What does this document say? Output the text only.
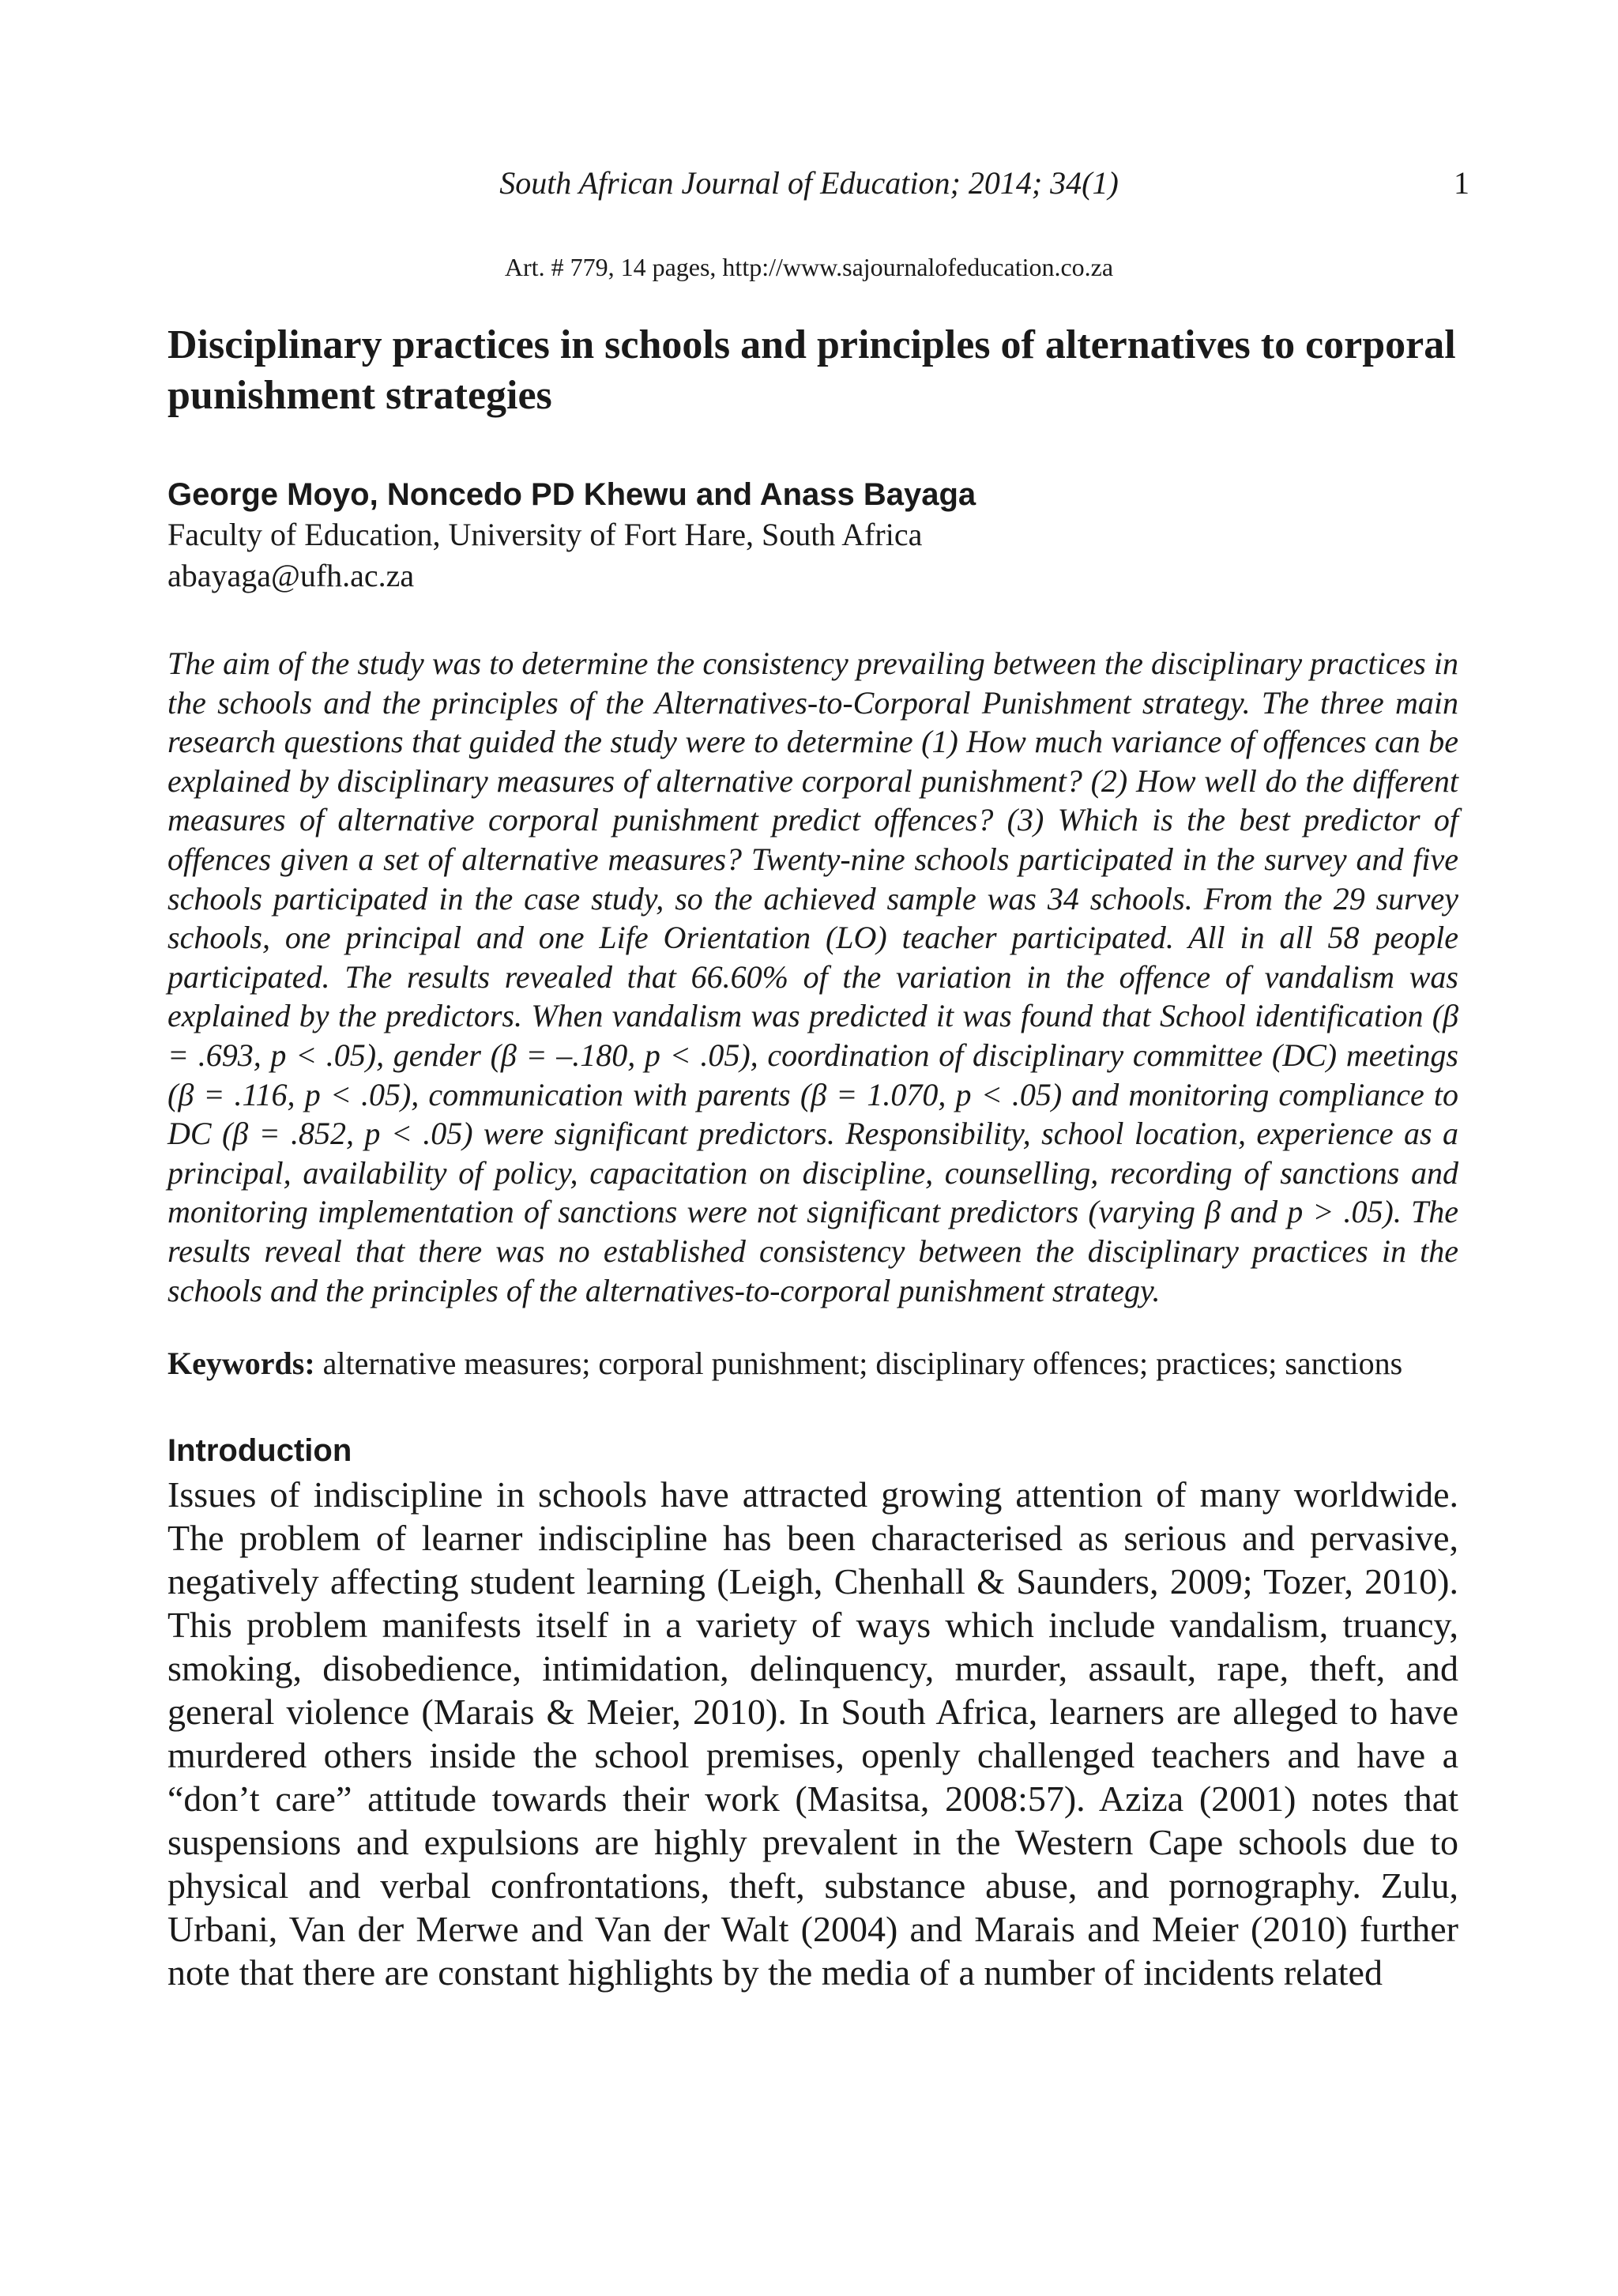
South African Journal of Education; 2014; 34(1)	1
Art. # 779, 14 pages, http://www.sajournalofeducation.co.za
Disciplinary practices in schools and principles of alternatives to corporal punishment strategies

George Moyo, Noncedo PD Khewu and Anass Bayaga

Faculty of Education, University of Fort Hare, South Africa

abayaga@ufh.ac.za

The aim of the study was to determine the consistency prevailing between the disciplinary practices in the schools and the principles of the Alternatives-to-Corporal Punishment strategy. The three main research questions that guided the study were to determine (1) How much variance of offences can be explained by disciplinary measures of alternative corporal punishment? (2) How well do the different measures of alternative corporal punishment predict offences? (3) Which is the best predictor of offences given a set of alternative measures? Twenty-nine schools participated in the survey and five schools participated in the case study, so the achieved sample was 34 schools. From the 29 survey schools, one principal and one Life Orientation (LO) teacher participated. All in all 58 people participated. The results revealed that 66.60% of the variation in the offence of vandalism was explained by the predictors. When vandalism was predicted it was found that School identification (β = .693, p < .05), gender (β = –.180, p < .05), coordination of disciplinary committee (DC) meetings (β = .116, p < .05), communication with parents (β = 1.070, p < .05) and monitoring compliance to DC (β = .852, p < .05) were significant predictors. Responsibility, school location, experience as a principal, availability of policy, capacitation on discipline, counselling, recording of sanctions and monitoring implementation of sanctions were not significant predictors (varying β and p > .05). The results reveal that there was no established consistency between the disciplinary practices in the schools and the principles of the alternatives-to-corporal punishment strategy.

Keywords: alternative measures; corporal punishment; disciplinary offences; practices; sanctions

Introduction

Issues of indiscipline in schools have attracted growing attention of many worldwide. The problem of learner indiscipline has been characterised as serious and pervasive, negatively affecting student learning (Leigh, Chenhall & Saunders, 2009; Tozer, 2010). This problem manifests itself in a variety of ways which include vandalism, truancy, smoking, disobedience, intimidation, delinquency, murder, assault, rape, theft, and general violence (Marais & Meier, 2010). In South Africa, learners are alleged to have murdered others inside the school premises, openly challenged teachers and have a “don’t care” attitude towards their work (Masitsa, 2008:57). Aziza (2001) notes that suspensions and expulsions are highly prevalent in the Western Cape schools due to physical and verbal confrontations, theft, substance abuse, and pornography. Zulu, Urbani, Van der Merwe and Van der Walt (2004) and Marais and Meier (2010) further note that there are constant highlights by the media of a number of incidents related
